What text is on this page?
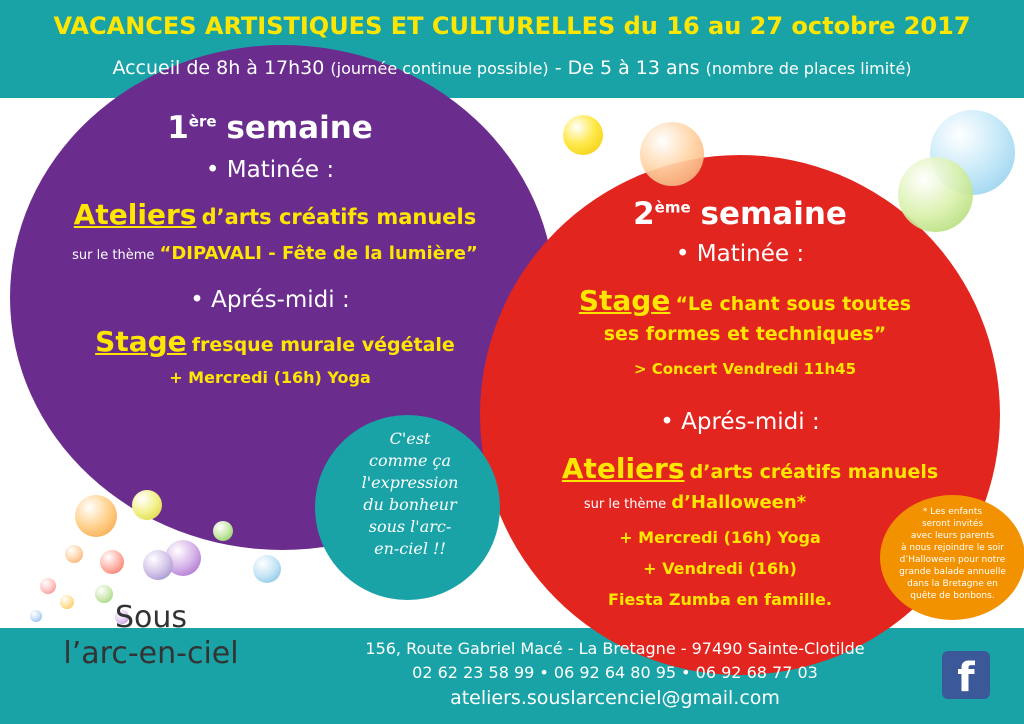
VACANCES ARTISTIQUES ET CULTURELLES du 16 au 27 octobre 2017
Accueil de 8h à 17h30 (journée continue possible) - De 5 à 13 ans (nombre de places limité)
1ère semaine
• Matinée :
Ateliers d’arts créatifs manuels
sur le thème “DIPAVALI - Fête de la lumière”
• Aprés-midi :
Stage fresque murale végétale
+ Mercredi (16h) Yoga
2ème semaine
• Matinée :
Stage “Le chant sous toutes
ses formes et techniques”
> Concert Vendredi 11h45
• Aprés-midi :
Ateliers d’arts créatifs manuels
sur le thème d’Halloween*
+ Mercredi (16h) Yoga
+ Vendredi (16h)
Fiesta Zumba en famille.
C'est
comme ça
l'expression
du bonheur
sous l'arc-
en-ciel !!
* Les enfants
seront invités
avec leurs parents
à nous rejoindre le soir
d’Halloween pour notre
grande balade annuelle
dans la Bretagne en
quête de bonbons.
Sous
l’arc-en-ciel	156, Route Gabriel Macé - La Bretagne - 97490 Sainte-Clotilde
02 62 23 58 99 • 06 92 64 80 95 • 06 92 68 77 03
ateliers.souslarcenciel@gmail.com	f
